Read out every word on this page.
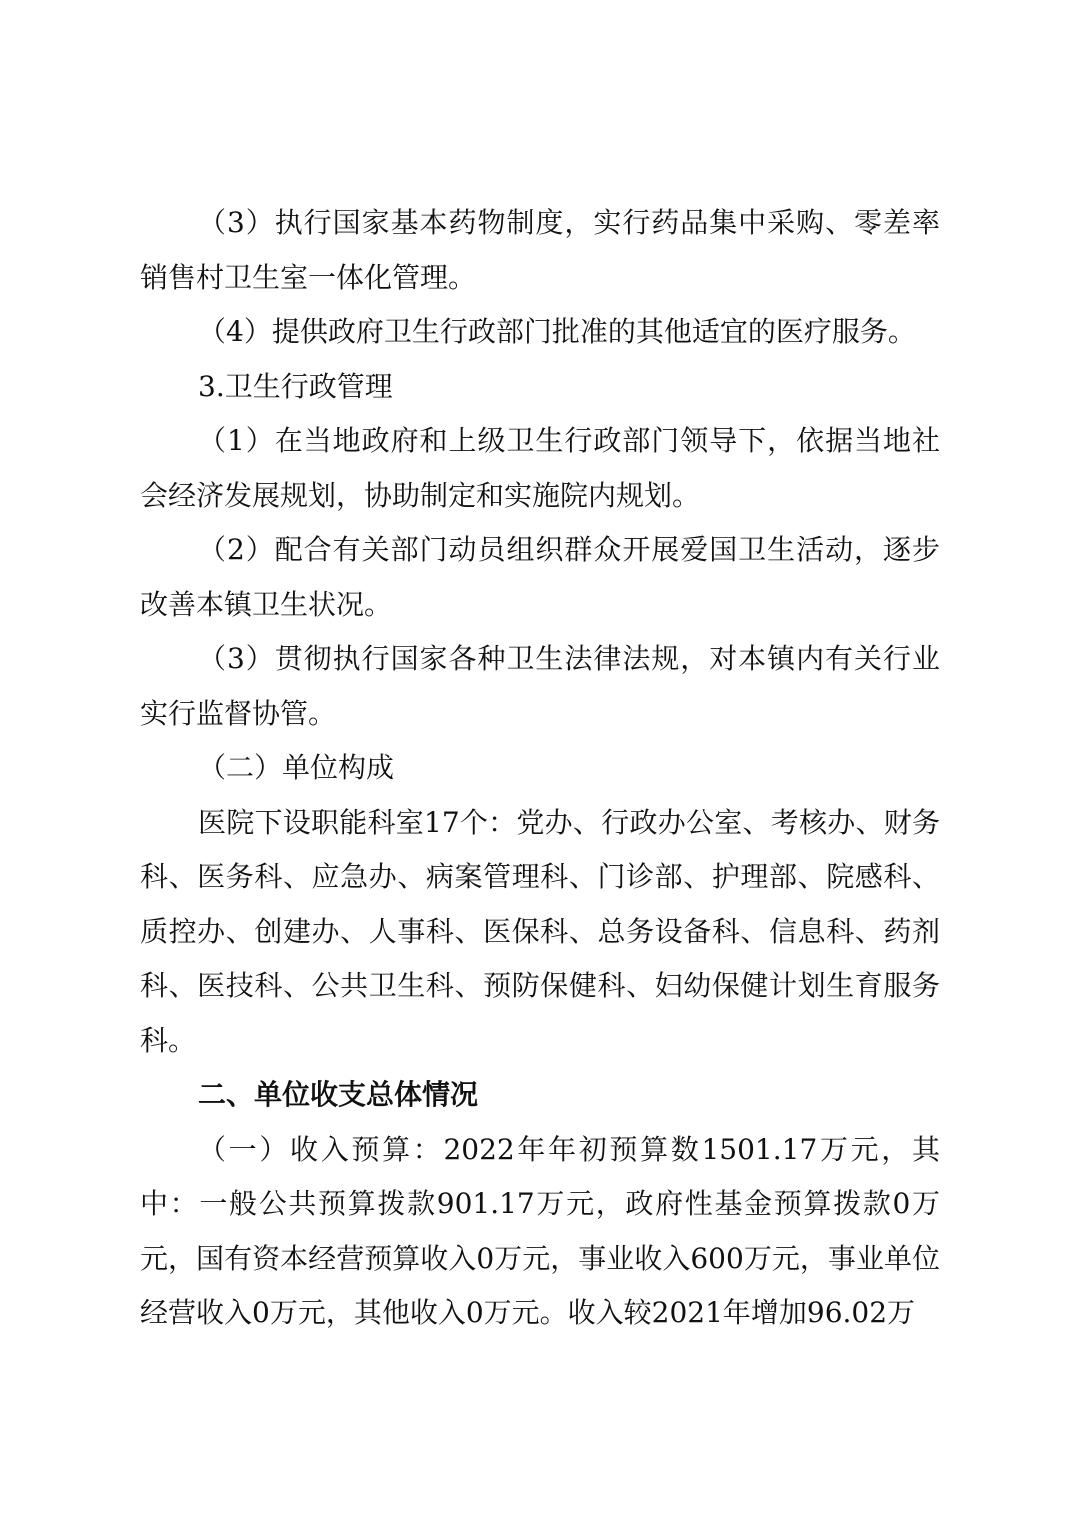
（3）执行国家基本药物制度，实行药品集中采购、零差率销售村卫生室一体化管理。

（4）提供政府卫生行政部门批准的其他适宜的医疗服务。

3.卫生行政管理

（1）在当地政府和上级卫生行政部门领导下，依据当地社会经济发展规划，协助制定和实施院内规划。

（2）配合有关部门动员组织群众开展爱国卫生活动，逐步改善本镇卫生状况。

（3）贯彻执行国家各种卫生法律法规，对本镇内有关行业实行监督协管。

（二）单位构成

医院下设职能科室17个：党办、行政办公室、考核办、财务科、医务科、应急办、病案管理科、门诊部、护理部、院感科、质控办、创建办、人事科、医保科、总务设备科、信息科、药剂科、医技科、公共卫生科、预防保健科、妇幼保健计划生育服务科。

二、单位收支总体情况

（一）收入预算：2022年年初预算数1501.17万元，其中：一般公共预算拨款901.17万元，政府性基金预算拨款0万元，国有资本经营预算收入0万元，事业收入600万元，事业单位经营收入0万元，其他收入0万元。收入较2021年增加96.02万
